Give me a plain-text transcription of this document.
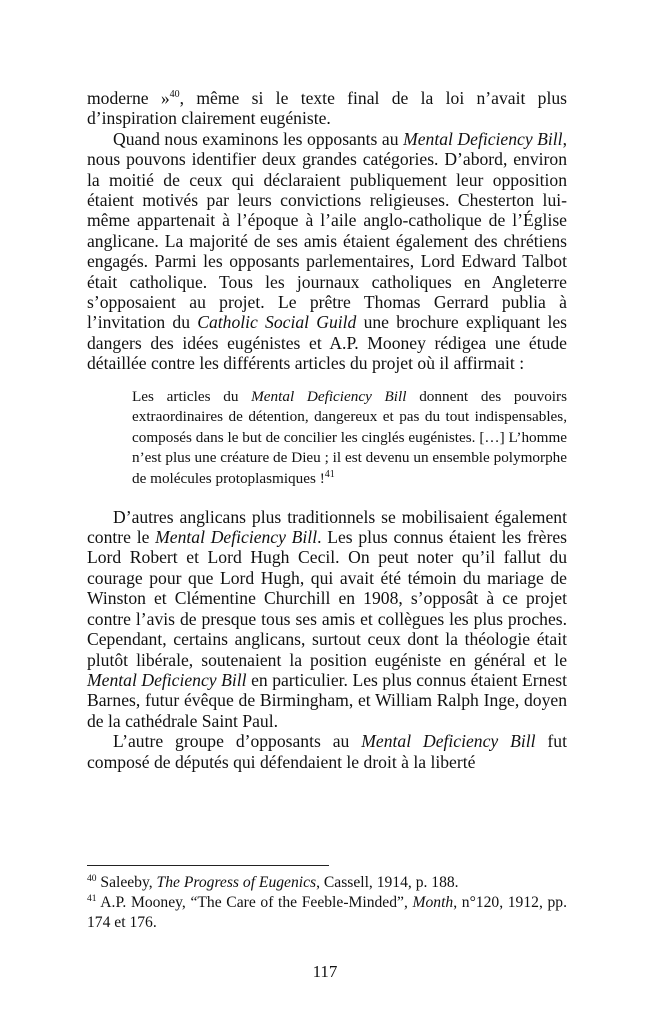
moderne »$^{40}$, même si le texte final de la loi n’avait plus d’inspiration clairement eugéniste.

Quand nous examinons les opposants au Mental Deficiency Bill, nous pouvons identifier deux grandes catégories. D’abord, environ la moitié de ceux qui déclaraient publiquement leur opposition étaient motivés par leurs convictions religieuses. Chesterton lui-même appartenait à l’époque à l’aile anglo-catholique de l’Église anglicane. La majorité de ses amis étaient également des chrétiens engagés. Parmi les opposants parlementaires, Lord Edward Talbot était catholique. Tous les journaux catholiques en Angleterre s’opposaient au projet. Le prêtre Thomas Gerrard publia à l’invitation du Catholic Social Guild une brochure expliquant les dangers des idées eugénistes et A.P. Mooney rédigea une étude détaillée contre les différents articles du projet où il affirmait :

Les articles du Mental Deficiency Bill donnent des pouvoirs extraordinaires de détention, dangereux et pas du tout indispensables, composés dans le but de concilier les cinglés eugénistes. […] L’homme n’est plus une créature de Dieu ; il est devenu un ensemble polymorphe de molécules protoplasmiques !$^{41}$

D’autres anglicans plus traditionnels se mobilisaient également contre le Mental Deficiency Bill. Les plus connus étaient les frères Lord Robert et Lord Hugh Cecil. On peut noter qu’il fallut du courage pour que Lord Hugh, qui avait été témoin du mariage de Winston et Clémentine Churchill en 1908, s’opposât à ce projet contre l’avis de presque tous ses amis et collègues les plus proches. Cependant, certains anglicans, surtout ceux dont la théologie était plutôt libérale, soutenaient la position eugéniste en général et le Mental Deficiency Bill en particulier. Les plus connus étaient Ernest Barnes, futur évêque de Birmingham, et William Ralph Inge, doyen de la cathédrale Saint Paul.

L’autre groupe d’opposants au Mental Deficiency Bill fut composé de députés qui défendaient le droit à la liberté

$^{40}$ Saleeby, The Progress of Eugenics, Cassell, 1914, p. 188.
$^{41}$ A.P. Mooney, “The Care of the Feeble-Minded”, Month, n°120, 1912, pp. 174 et 176.
117
